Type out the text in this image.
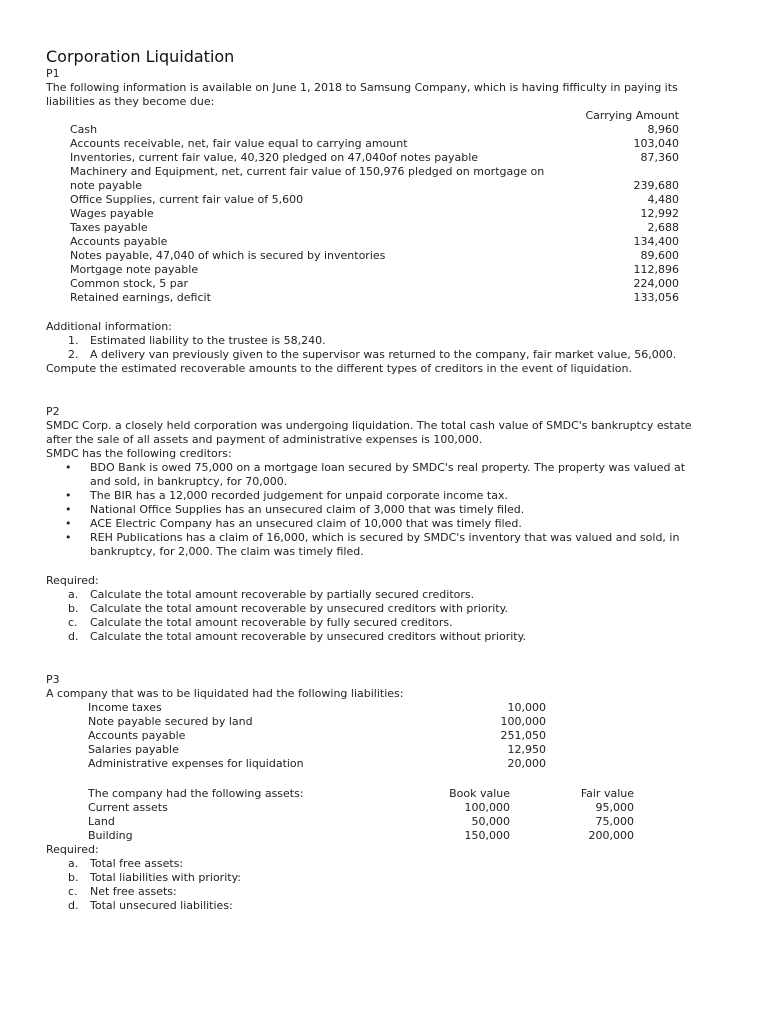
Corporation Liquidation
P1
The following information is available on June 1, 2018 to Samsung Company, which is having fifficulty in paying its
liabilities as they become due:
Carrying Amount
Cash	8,960
Accounts receivable, net, fair value equal to carrying amount	103,040
Inventories, current fair value, 40,320 pledged on 47,040of notes payable	87,360
Machinery and Equipment, net, current fair value of 150,976 pledged on mortgage on
note payable	239,680
Office Supplies, current fair value of 5,600	4,480
Wages payable	12,992
Taxes payable	2,688
Accounts payable	134,400
Notes payable, 47,040 of which is secured by inventories	89,600
Mortgage note payable	112,896
Common stock, 5 par	224,000
Retained earnings, deficit	133,056
Additional information:
1. Estimated liability to the trustee is 58,240.
2. A delivery van previously given to the supervisor was returned to the company, fair market value, 56,000.
Compute the estimated recoverable amounts to the different types of creditors in the event of liquidation.
P2
SMDC Corp. a closely held corporation was undergoing liquidation. The total cash value of SMDC's bankruptcy estate
after the sale of all assets and payment of administrative expenses is 100,000.
SMDC has the following creditors:
• BDO Bank is owed 75,000 on a mortgage loan secured by SMDC's real property. The property was valued at
and sold, in bankruptcy, for 70,000.
• The BIR has a 12,000 recorded judgement for unpaid corporate income tax.
• National Office Supplies has an unsecured claim of 3,000 that was timely filed.
• ACE Electric Company has an unsecured claim of 10,000 that was timely filed.
• REH Publications has a claim of 16,000, which is secured by SMDC's inventory that was valued and sold, in
bankruptcy, for 2,000. The claim was timely filed.
Required:
a. Calculate the total amount recoverable by partially secured creditors.
b. Calculate the total amount recoverable by unsecured creditors with priority.
c. Calculate the total amount recoverable by fully secured creditors.
d. Calculate the total amount recoverable by unsecured creditors without priority.
P3
A company that was to be liquidated had the following liabilities:
Income taxes	10,000
Note payable secured by land	100,000
Accounts payable	251,050
Salaries payable	12,950
Administrative expenses for liquidation	20,000
The company had the following assets:	Book value	Fair value
Current assets	100,000	95,000
Land	50,000	75,000
Building	150,000	200,000
Required:
a. Total free assets:
b. Total liabilities with priority:
c. Net free assets:
d. Total unsecured liabilities:
